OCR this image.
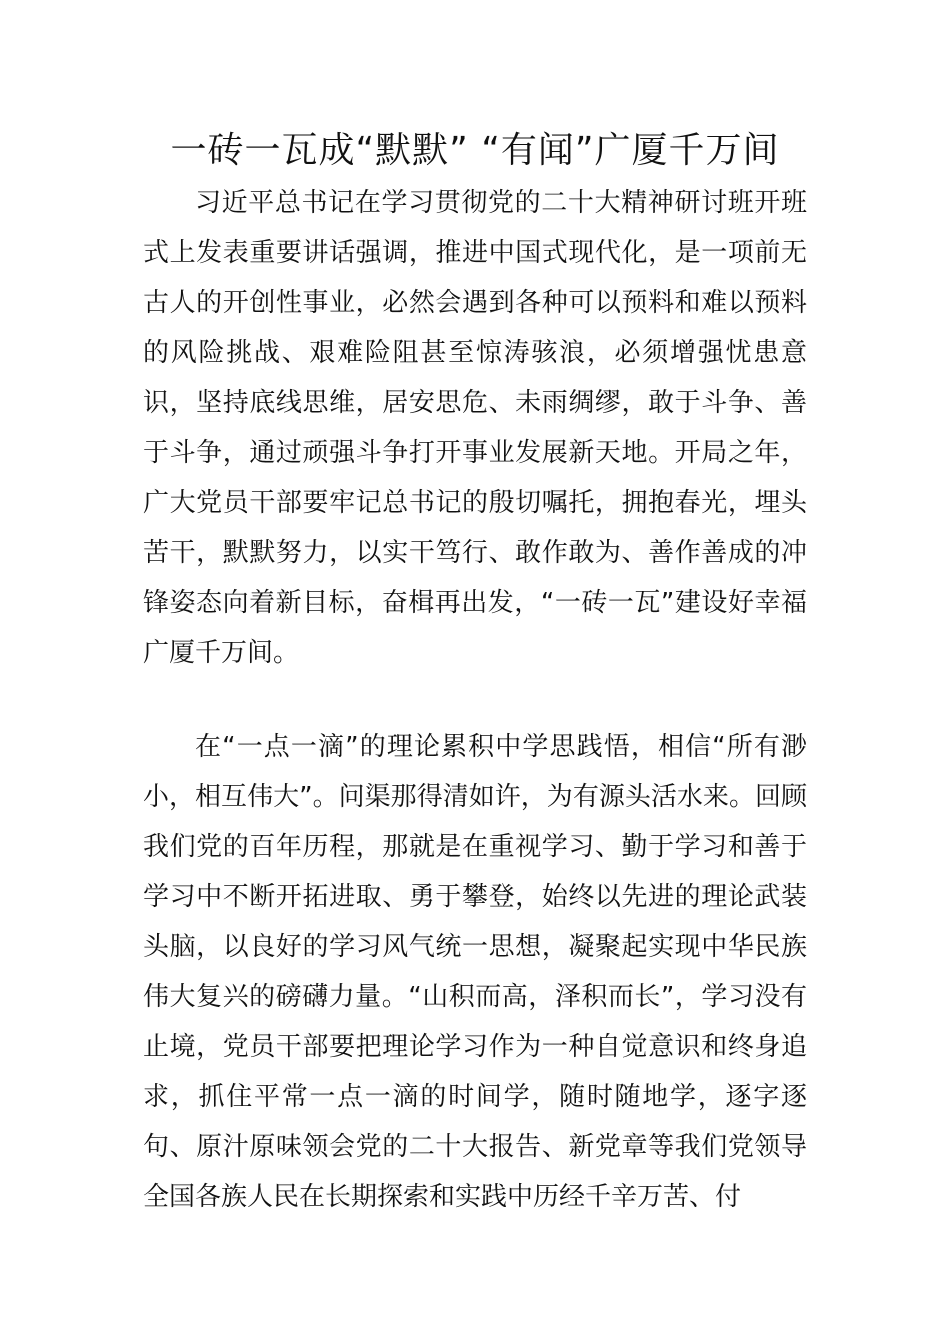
一砖一瓦成“默默” “有闻”广厦千万间

习近平总书记在学习贯彻党的二十大精神研讨班开班式上发表重要讲话强调，推进中国式现代化，是一项前无古人的开创性事业，必然会遇到各种可以预料和难以预料的风险挑战、艰难险阻甚至惊涛骇浪，必须增强忧患意识，坚持底线思维，居安思危、未雨绸缪，敢于斗争、善于斗争，通过顽强斗争打开事业发展新天地。开局之年，广大党员干部要牢记总书记的殷切嘱托，拥抱春光，埋头苦干，默默努力，以实干笃行、敢作敢为、善作善成的冲锋姿态向着新目标，奋楫再出发，“一砖一瓦”建设好幸福广厦千万间。

在“一点一滴”的理论累积中学思践悟，相信“所有渺小，相互伟大”。问渠那得清如许，为有源头活水来。回顾我们党的百年历程，那就是在重视学习、勤于学习和善于学习中不断开拓进取、勇于攀登，始终以先进的理论武装头脑，以良好的学习风气统一思想，凝聚起实现中华民族伟大复兴的磅礴力量。“山积而高，泽积而长”，学习没有止境，党员干部要把理论学习作为一种自觉意识和终身追求，抓住平常一点一滴的时间学，随时随地学，逐字逐句、原汁原味领会党的二十大报告、新党章等我们党领导全国各族人民在长期探索和实践中历经千辛万苦、付
